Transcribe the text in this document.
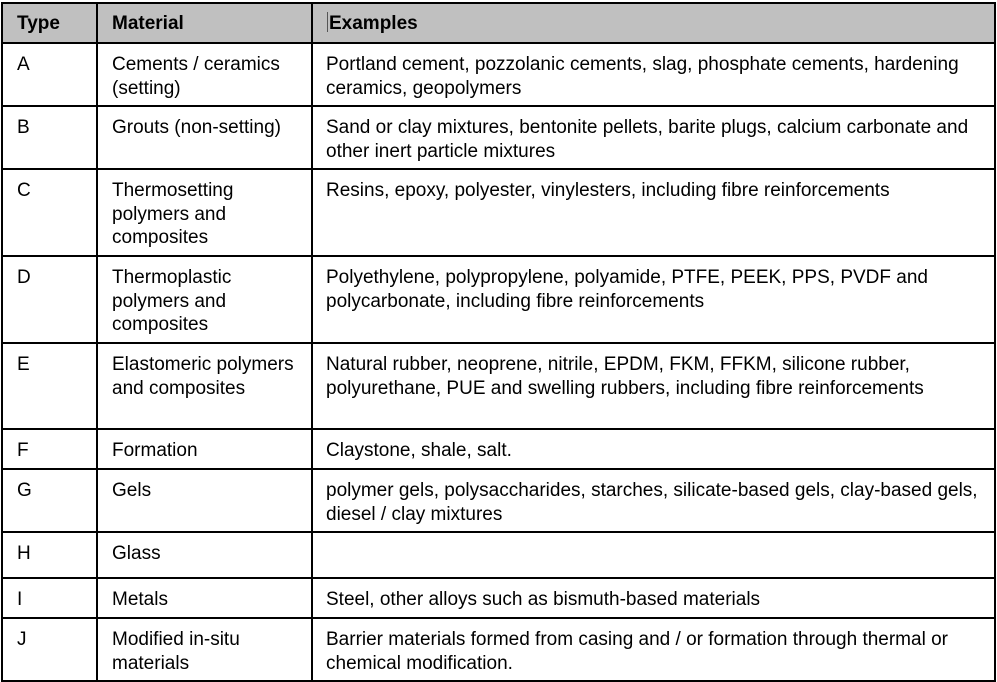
Type	Material	Examples
A	Cements / ceramics (setting)	Portland cement, pozzolanic cements, slag, phosphate cements, hardening ceramics, geopolymers
B	Grouts (non-setting)	Sand or clay mixtures, bentonite pellets, barite plugs, calcium carbonate and other inert particle mixtures
C	Thermosetting polymers and composites	Resins, epoxy, polyester, vinylesters, including fibre reinforcements
D	Thermoplastic polymers and composites	Polyethylene, polypropylene, polyamide, PTFE, PEEK, PPS, PVDF and polycarbonate, including fibre reinforcements
E	Elastomeric polymers and composites	Natural rubber, neoprene, nitrile, EPDM, FKM, FFKM, silicone rubber, polyurethane, PUE and swelling rubbers, including fibre reinforcements
F	Formation	Claystone, shale, salt.
G	Gels	polymer gels, polysaccharides, starches, silicate-based gels, clay-based gels, diesel / clay mixtures
H	Glass	
I	Metals	Steel, other alloys such as bismuth-based materials
J	Modified in-situ materials	Barrier materials formed from casing and / or formation through thermal or chemical modification.
